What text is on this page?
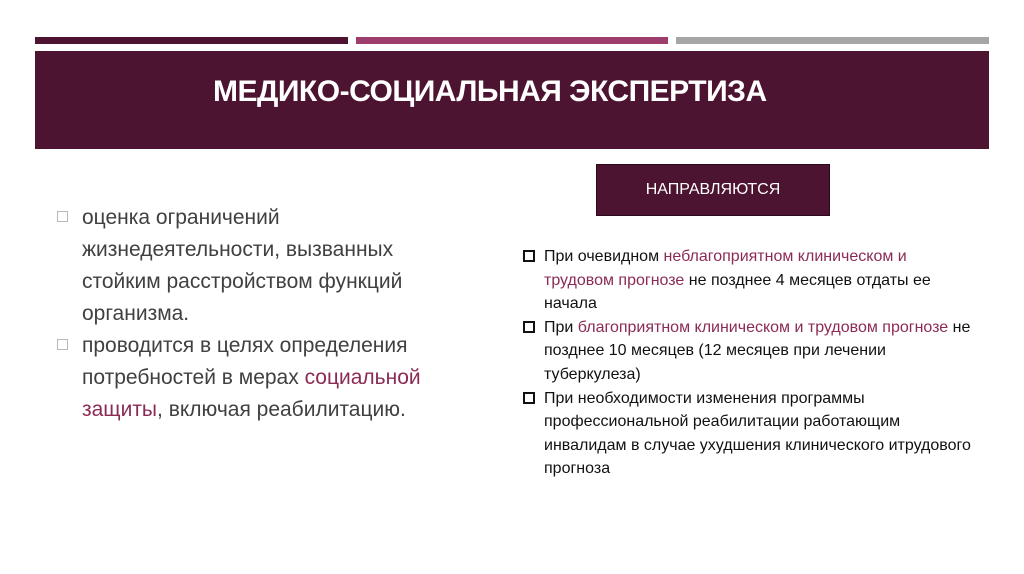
МЕДИКО-СОЦИАЛЬНАЯ ЭКСПЕРТИЗА
оценка ограничений жизнедеятельности, вызванных стойким расстройством функций организма.
проводится в целях определения потребностей в мерах социальной защиты, включая реабилитацию.
НАПРАВЛЯЮТСЯ
При очевидном неблагоприятном клиническом и трудовом прогнозе не позднее 4 месяцев отдаты ее начала
При благоприятном клиническом и трудовом прогнозе не позднее 10 месяцев (12 месяцев при лечении туберкулеза)
При необходимости изменения программы профессиональной реабилитации работающим инвалидам в случае ухудшения клинического итрудового прогноза
